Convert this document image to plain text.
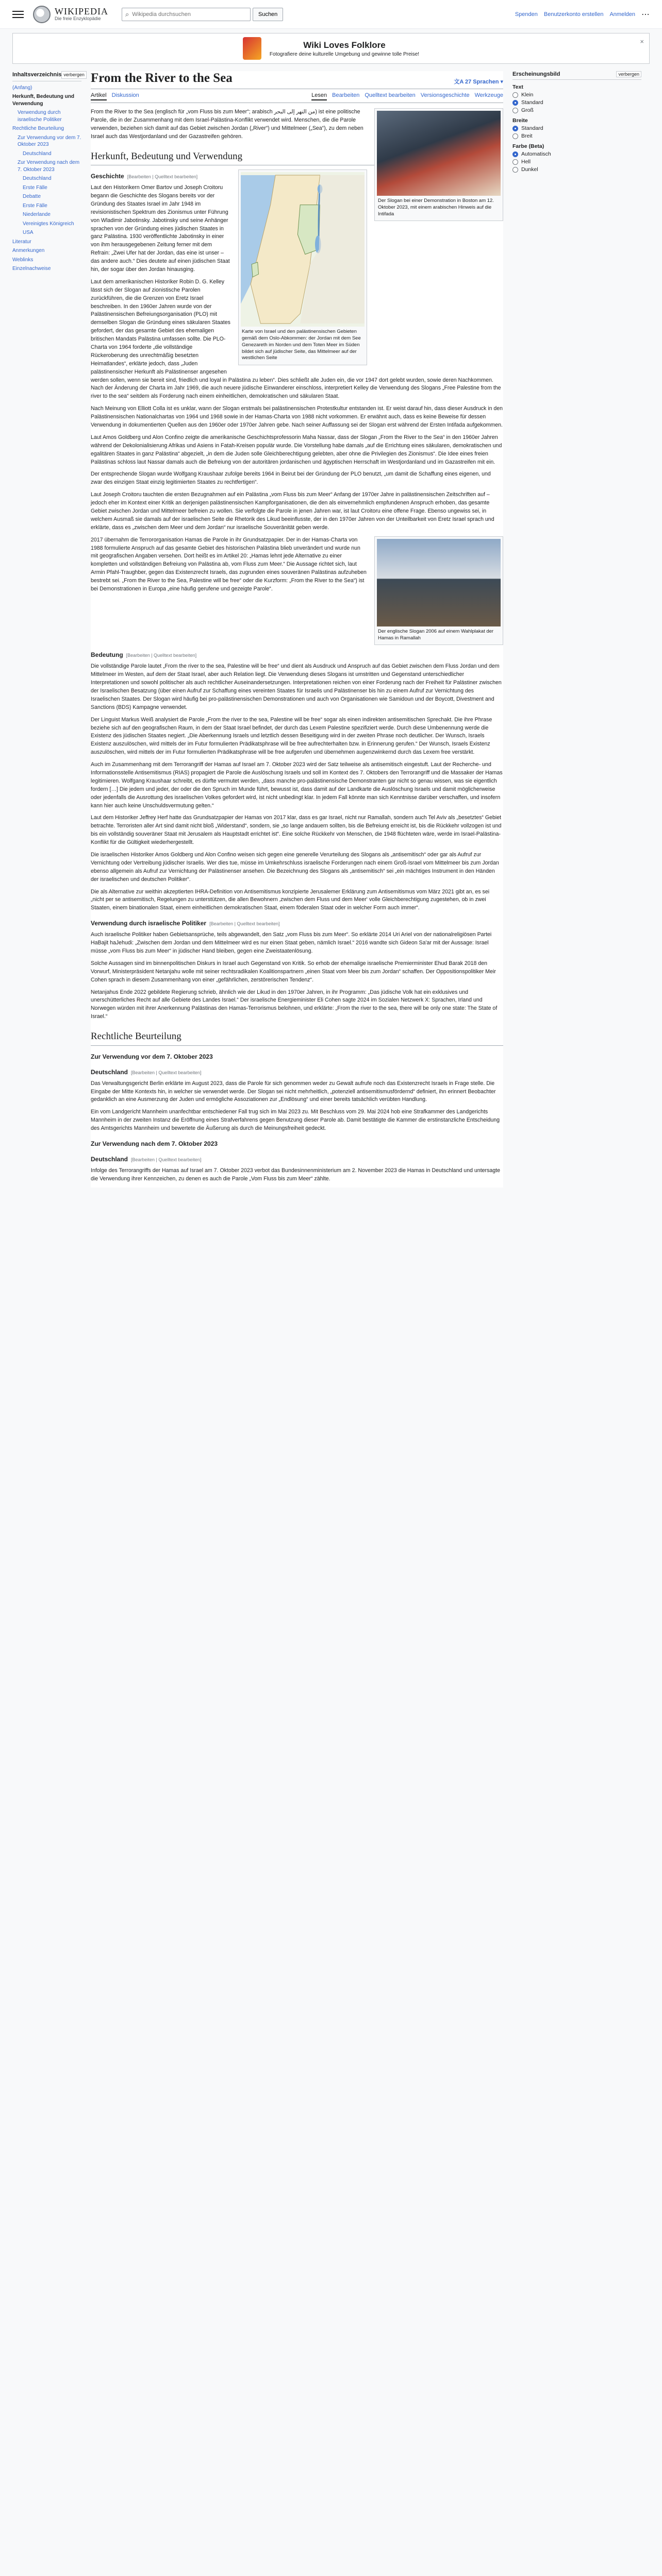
WIKIPEDIA
Die freie Enzyklopädie
⌕
Wikipedia durchsuchen	Suchen	Spenden Benutzerkonto erstellen Anmelden ⋯
Wiki Loves Folklore
Fotografiere deine kulturelle Umgebung und gewinne tolle Preise!
×
Inhaltsverzeichnis verbergen
(Anfang)
Herkunft, Bedeutung und Verwendung
Verwendung durch israelische Politiker
Rechtliche Beurteilung
Zur Verwendung vor dem 7. Oktober 2023
Deutschland
Zur Verwendung nach dem 7. Oktober 2023
Deutschland
Erste Fälle
Debatte
Erste Fälle
Niederlande
Vereinigtes Königreich
USA
Literatur
Anmerkungen
Weblinks
Einzelnachweise
From the River to the Sea	文A 27 Sprachen ▾
Artikel Diskussion	Lesen Bearbeiten Quelltext bearbeiten Versionsgeschichte Werkzeuge
Der Slogan bei einer Demonstration in Boston am 12. Oktober 2023, mit einem arabischen Hinweis auf die Intifada

From the River to the Sea (englisch für „vom Fluss bis zum Meer“; arabisch من النهر إلى البحر) ist eine politische Parole, die in der Zusammenhang mit dem Israel-Palästina-Konflikt verwendet wird. Menschen, die die Parole verwenden, beziehen sich damit auf das Gebiet zwischen Jordan („River“) und Mittelmeer („Sea“), zu dem neben Israel auch das Westjordanland und der Gazastreifen gehören.

Herkunft, Bedeutung und Verwendung
Karte von Israel und den palästinensischen Gebieten gemäß dem Oslo-Abkommen: der Jordan mit dem See Genezareth im Norden und dem Toten Meer im Süden bildet sich auf jüdischer Seite, das Mittelmeer auf der westlichen Seite
Geschichte [Bearbeiten | Quelltext bearbeiten]

Laut den Historikern Omer Bartov und Joseph Croitoru begann die Geschichte des Slogans bereits vor der Gründung des Staates Israel im Jahr 1948 im revisionistischen Spektrum des Zionismus unter Führung von Wladimir Jabotinsky. Jabotinsky und seine Anhänger sprachen von der Gründung eines jüdischen Staates in ganz Palästina. 1930 veröffentlichte Jabotinsky in einer von ihm herausgegebenen Zeitung ferner mit dem Refrain: „Zwei Ufer hat der Jordan, das eine ist unser – das andere auch.“ Dies deutete auf einen jüdischen Staat hin, der sogar über den Jordan hinausging.

Laut dem amerikanischen Historiker Robin D. G. Kelley lässt sich der Slogan auf zionistische Parolen zurückführen, die die Grenzen von Eretz Israel beschreiben. In den 1960er Jahren wurde von der Palästinensischen Befreiungsorganisation (PLO) mit demselben Slogan die Gründung eines säkularen Staates gefordert, der das gesamte Gebiet des ehemaligen britischen Mandats Palästina umfassen sollte. Die PLO-Charta von 1964 forderte „die vollständige Rückeroberung des unrechtmäßig besetzten Heimatlandes“, erklärte jedoch, dass „Juden palästinensischer Herkunft als Palästinenser angesehen werden sollen, wenn sie bereit sind, friedlich und loyal in Palästina zu leben“. Dies schließt alle Juden ein, die vor 1947 dort gelebt wurden, sowie deren Nachkommen. Nach der Änderung der Charta im Jahr 1969, die auch neuere jüdische Einwanderer einschloss, interpretiert Kelley die Verwendung des Slogans „Free Palestine from the river to the sea“ seitdem als Forderung nach einem einheitlichen, demokratischen und säkularen Staat.

Nach Meinung von Elliott Colla ist es unklar, wann der Slogan erstmals bei palästinensischen Protestkultur entstanden ist. Er weist darauf hin, dass dieser Ausdruck in den Palästinensischen Nationalchartas von 1964 und 1968 sowie in der Hamas-Charta von 1988 nicht vorkommen. Er erwähnt auch, dass es keine Beweise für dessen Verwendung in dokumentierten Quellen aus den 1960er oder 1970er Jahren gebe. Nach seiner Auffassung sei der Slogan erst während der Ersten Intifada aufgekommen.

Laut Amos Goldberg und Alon Confino zeigte die amerikanische Geschichtsprofessorin Maha Nassar, dass der Slogan „From the River to the Sea“ in den 1960er Jahren während der Dekolonialisierung Afrikas und Asiens in Fatah-Kreisen populär wurde. Die Vorstellung habe damals „auf die Errichtung eines säkularen, demokratischen und egalitären Staates in ganz Palästina“ abgezielt, „in dem die Juden solle Gleichberechtigung gelebten, aber ohne die Privilegien des Zionismus“. Die Idee eines freien Palästinas schloss laut Nassar damals auch die Befreiung von der autoritären jordanischen und ägyptischen Herrschaft im Westjordanland und im Gazastreifen mit ein.

Der entsprechende Slogan wurde Wolfgang Kraushaar zufolge bereits 1964 in Beirut bei der Gründung der PLO benutzt, „um damit die Schaffung eines eigenen, und zwar des einzigen Staat einzig legitimierten Staates zu rechtfertigen“.

Laut Joseph Croitoru tauchten die ersten Bezugnahmen auf ein Palästina „vom Fluss bis zum Meer“ Anfang der 1970er Jahre in palästinensischen Zeitschriften auf – jedoch eher im Kontext einer Kritik an derjenigen palästinensischen Kampforganisationen, die den als einvernehmlich empfundenen Anspruch erhoben, das gesamte Gebiet zwischen Jordan und Mittelmeer befreien zu wollen. Sie verfolgte die Parole in jenen Jahren war, ist laut Croitoru eine offene Frage. Ebenso ungewiss sei, in welchem Ausmaß sie damals auf der israelischen Seite die Rhetorik des Likud beeinflusste, der in den 1970er Jahren von der Unteilbarkeit von Eretz Israel sprach und erklärte, dass es „zwischen dem Meer und dem Jordan“ nur israelische Souveränität geben werde.

Der englische Slogan 2006 auf einem Wahlplakat der Hamas in Ramallah

2017 übernahm die Terrororganisation Hamas die Parole in ihr Grundsatzpapier. Der in der Hamas-Charta von 1988 formulierte Anspruch auf das gesamte Gebiet des historischen Palästina blieb unverändert und wurde nun mit geografischen Angaben versehen. Dort heißt es im Artikel 20: „Hamas lehnt jede Alternative zu einer kompletten und vollständigen Befreiung von Palästina ab, vom Fluss zum Meer.“ Die Aussage richtet sich, laut Armin Pfahl-Traughber, gegen das Existenzrecht Israels, das zugrunden eines souveränen Palästinas aufzuheben bestrebt sei. „From the River to the Sea, Palestine will be free“ oder die Kurzform: „From the River to the Sea“) ist bei Demonstrationen in Europa „eine häufig gerufene und gezeigte Parole“.

Bedeutung [Bearbeiten | Quelltext bearbeiten]

Die vollständige Parole lautet „From the river to the sea, Palestine will be free“ und dient als Ausdruck und Anspruch auf das Gebiet zwischen dem Fluss Jordan und dem Mittelmeer im Westen, auf dem der Staat Israel, aber auch Relation liegt. Die Verwendung dieses Slogans ist umstritten und Gegenstand unterschiedlicher Interpretationen und sowohl politischer als auch rechtlicher Auseinandersetzungen. Interpretationen reichen von einer Forderung nach der Freiheit für Palästiner zwischen der Israelischen Besatzung (über einen Aufruf zur Schaffung eines vereinten Staates für Israelis und Palästinenser bis hin zu einem Aufruf zur Vernichtung des Israelischen Staates. Der Slogan wird häufig bei pro-palästinensischen Demonstrationen und auch von Organisationen wie Samidoun und der Boycott, Divestment and Sanctions (BDS) Kampagne verwendet.

Der Linguist Markus Weiß analysiert die Parole „From the river to the sea, Palestine will be free“ sogar als einen indirekten antisemitischen Sprechakt. Die ihre Phrase beziehe sich auf den geografischen Raum, in dem der Staat Israel befindet, der durch das Lexem Palestine spezifiziert werde. Durch diese Umbenennung werde die Existenz des jüdischen Staates negiert. „Die Aberkennung Israels und letztlich dessen Beseitigung wird in der zweiten Phrase noch deutlicher. Der Wunsch, Israels Existenz auszulöschen, wird mittels der im Futur formulierten Prädikatsphrase will be free aufrechterhalten bzw. in Erinnerung gerufen.“ Der Wunsch, Israels Existenz auszulöschen, wird mittels der im Futur formulierten Prädikatsphrase will be free aufgerufen und übernehmen augenzwinkernd durch das Lexem free verstärkt.

Auch im Zusammenhang mit dem Terrorangriff der Hamas auf Israel am 7. Oktober 2023 wird der Satz teilweise als antisemitisch eingestuft. Laut der Recherche- und Informationsstelle Antisemitismus (RIAS) propagiert die Parole die Auslöschung Israels und soll im Kontext des 7. Oktobers den Terrorangriff und die Massaker der Hamas legitimieren. Wolfgang Kraushaar schreibt, es dürfte vermutet werden, „dass manche pro-palästinensische Demonstranten gar nicht so genau wissen, was sie eigentlich fordern […] Die jedem und jeder, der oder die den Spruch im Munde führt, bewusst ist, dass damit auf der Landkarte die Auslöschung Israels und damit möglicherweise oder jedenfalls die Ausrottung des israelischen Volkes gefordert wird, ist nicht unbedingt klar. In jedem Fall könnte man sich Kenntnisse darüber verschaffen, und insofern kann hier auch keine Unschuldsvermutung gelten.“

Laut dem Historiker Jeffrey Herf hatte das Grundsatzpapier der Hamas von 2017 klar, dass es gar Israel, nicht nur Ramallah, sondern auch Tel Aviv als „besetztes“ Gebiet betrachte. Terroristen aller Art sind damit nicht bloß „Widerstand“, sondern, sie „so lange andauern sollten, bis die Befreiung erreicht ist, bis die Rückkehr vollzogen ist und bis ein vollständig souveräner Staat mit Jerusalem als Hauptstadt errichtet ist“. Eine solche Rückkehr von Menschen, die 1948 flüchteten wäre, werde im Israel-Palästina-Konflikt für die Gültigkeit wiederhergestellt.

Die israelischen Historiker Amos Goldberg und Alon Confino weisen sich gegen eine generelle Verurteilung des Slogans als „antisemitisch“ oder gar als Aufruf zur Vernichtung oder Vertreibung jüdischer Israelis. Wer dies tue, müsse im Umkehrschluss israelische Forderungen nach einem Groß-Israel vom Mittelmeer bis zum Jordan ebenso allgemein als Aufruf zur Vernichtung der Palästinenser ansehen. Die Bezeichnung des Slogans als „antisemitisch“ sei „ein mächtiges Instrument in den Händen der israelischen und deutschen Politiker“.

Die als Alternative zur weithin akzeptierten IHRA-Definition von Antisemitismus konzipierte Jerusalemer Erklärung zum Antisemitismus vom März 2021 gibt an, es sei „nicht per se antisemitisch, Regelungen zu unterstützen, die allen Bewohnern ‚zwischen dem Fluss und dem Meer‘ volle Gleichberechtigung zugestehen, ob in zwei Staaten, einem binationalen Staat, einem einheitlichen demokratischen Staat, einem föderalen Staat oder in welcher Form auch immer“.

Verwendung durch israelische Politiker [Bearbeiten | Quelltext bearbeiten]

Auch israelische Politiker haben Gebietsansprüche, teils abgewandelt, den Satz „vom Fluss bis zum Meer“. So erklärte 2014 Uri Ariel von der nationalreligiösen Partei HaBajit haJehudi: „Zwischen dem Jordan und dem Mittelmeer wird es nur einen Staat geben, nämlich Israel.“ 2016 wandte sich Gideon Sa'ar mit der Aussage: Israel müsse „vom Fluss bis zum Meer“ in jüdischer Hand bleiben, gegen eine Zweistaatenlösung.

Solche Aussagen sind im binnenpolitischen Diskurs in Israel auch Gegenstand von Kritik. So erhob der ehemalige israelische Premierminister Ehud Barak 2018 den Vorwurf, Ministerpräsident Netanjahu wolle mit seiner rechtsradikalen Koalitionspartnern „einen Staat vom Meer bis zum Jordan“ schaffen. Der Oppositionspolitiker Meir Cohen sprach in diesem Zusammenhang von einer „gefährlichen, zerstörerischen Tendenz“.

Netanjahus Ende 2022 gebildete Regierung schrieb, ähnlich wie der Likud in den 1970er Jahren, in ihr Programm: „Das jüdische Volk hat ein exklusives und unerschütterliches Recht auf alle Gebiete des Landes Israel.“ Der israelische Energieminister Eli Cohen sagte 2024 im Sozialen Netzwerk X: Sprachen, Irland und Norwegen würden mit ihrer Anerkennung Palästinas den Hamas-Terrorismus belohnen, und erklärte: „From the river to the sea, there will be only one state: The State of Israel.“

Rechtliche Beurteilung
Zur Verwendung vor dem 7. Oktober 2023
Deutschland [Bearbeiten | Quelltext bearbeiten]

Das Verwaltungsgericht Berlin erklärte im August 2023, dass die Parole für sich genommen weder zu Gewalt aufrufe noch das Existenzrecht Israels in Frage stelle. Die Eingabe der Mitte Kontexts hin, in welcher sie verwendet werde. Der Slogan sei nicht mehrheitlich, „potenziell antisemitismusfördernd“ definiert, ihn erinnert Beobachter gedanklich an eine Ausmerzung der Juden und ermögliche Assoziationen zur „Endlösung“ und einer bereits tatsächlich verübten Handlung.

Ein vom Landgericht Mannheim unanfechtbar entschiedener Fall trug sich im Mai 2023 zu. Mit Beschluss vom 29. Mai 2024 hob eine Strafkammer des Landgerichts Mannheim in der zweiten Instanz die Eröffnung eines Strafverfahrens gegen Benutzung dieser Parole ab. Damit bestätigte die Kammer die erstinstanzliche Entscheidung des Amtsgerichts Mannheim und bewertete die Äußerung als durch die Meinungsfreiheit gedeckt.

Zur Verwendung nach dem 7. Oktober 2023
Deutschland [Bearbeiten | Quelltext bearbeiten]

Infolge des Terrorangriffs der Hamas auf Israel am 7. Oktober 2023 verbot das Bundesinnenministerium am 2. November 2023 die Hamas in Deutschland und untersagte die Verwendung ihrer Kennzeichen, zu denen es auch die Parole „Vom Fluss bis zum Meer“ zählte.

Erscheinungsbild	verbergen
Text
Klein
Standard
Groß
Breite
Standard
Breit
Farbe (Beta)
Automatisch
Hell
Dunkel
